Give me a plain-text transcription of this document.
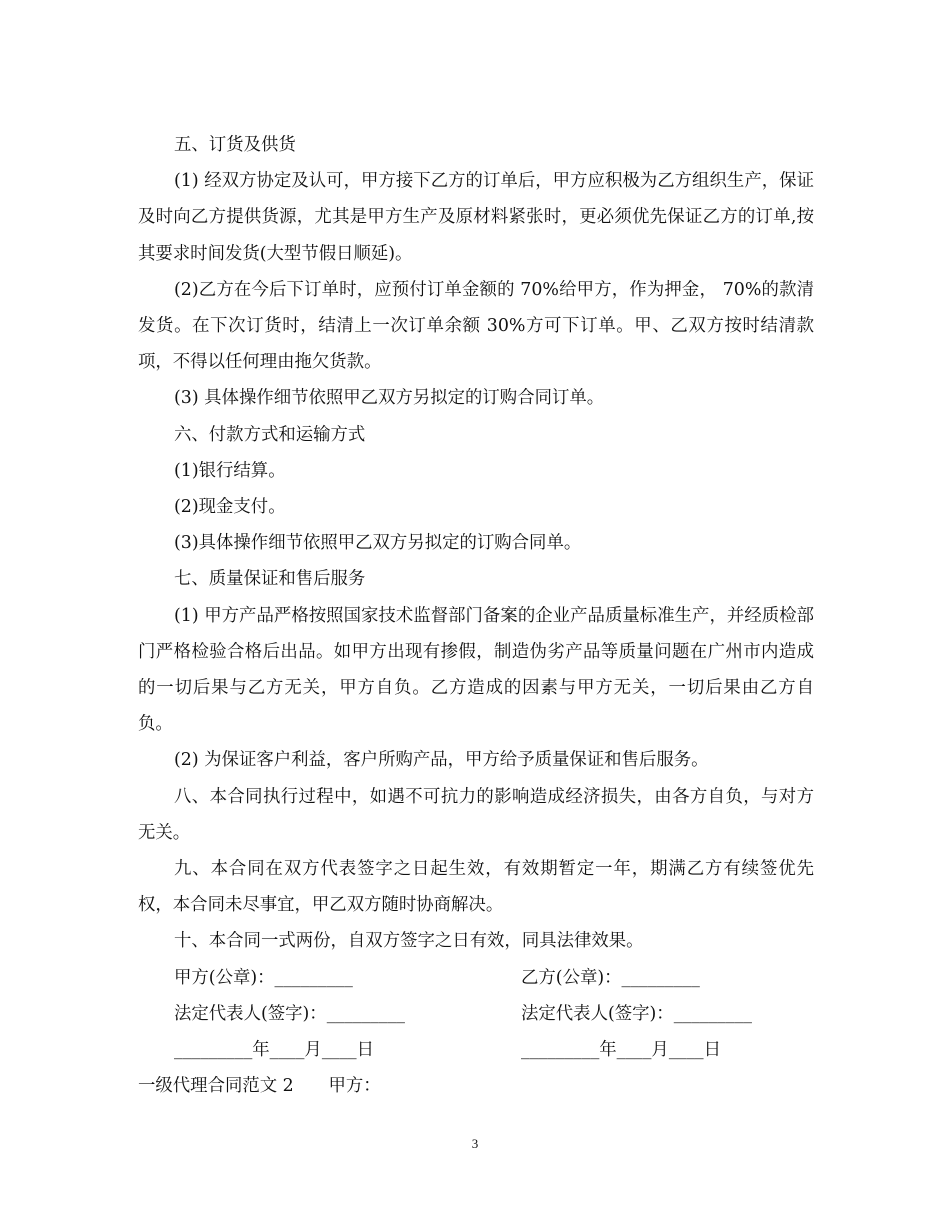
五、订货及供货

(1) 经双方协定及认可，甲方接下乙方的订单后，甲方应积极为乙方组织生产，保证及时向乙方提供货源，尤其是甲方生产及原材料紧张时，更必须优先保证乙方的订单,按其要求时间发货(大型节假日顺延)。

(2)乙方在今后下订单时，应预付订单金额的 70%给甲方，作为押金， 70%的款清发货。在下次订货时，结清上一次订单余额 30%方可下订单。甲、乙双方按时结清款项，不得以任何理由拖欠货款。

(3) 具体操作细节依照甲乙双方另拟定的订购合同订单。

六、付款方式和运输方式

(1)银行结算。

(2)现金支付。

(3)具体操作细节依照甲乙双方另拟定的订购合同单。

七、质量保证和售后服务

(1) 甲方产品严格按照国家技术监督部门备案的企业产品质量标准生产，并经质检部门严格检验合格后出品。如甲方出现有掺假，制造伪劣产品等质量问题在广州市内造成的一切后果与乙方无关，甲方自负。乙方造成的因素与甲方无关，一切后果由乙方自负。

(2) 为保证客户利益，客户所购产品，甲方给予质量保证和售后服务。

八、本合同执行过程中，如遇不可抗力的影响造成经济损失，由各方自负，与对方无关。

九、本合同在双方代表签字之日起生效，有效期暂定一年，期满乙方有续签优先权，本合同未尽事宜，甲乙双方随时协商解决。

十、本合同一式两份，自双方签字之日有效，同具法律效果。

甲方(公章)：_________	乙方(公章)：_________
法定代表人(签字)：_________	法定代表人(签字)：_________
_________年____月____日	_________年____月____日

一级代理合同范文 2　　甲方：

3
